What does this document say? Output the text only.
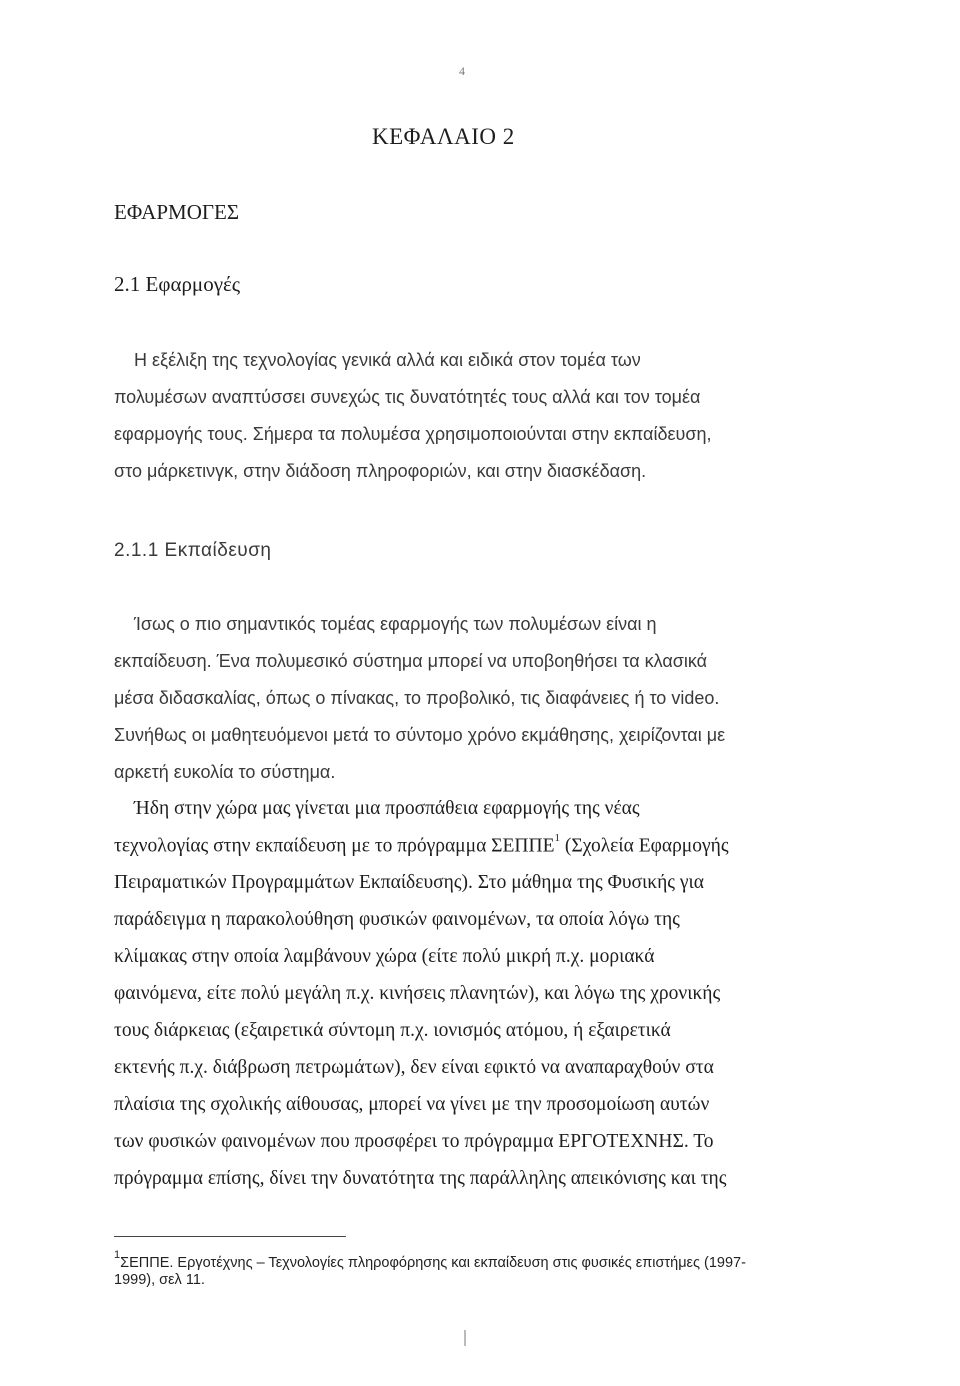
4
ΚΕΦΑΛΑΙΟ 2
ΕΦΑΡΜΟΓΕΣ
2.1 Εφαρμογές
Η εξέλιξη της τεχνολογίας γενικά αλλά και ειδικά στον τομέα των
πολυμέσων αναπτύσσει συνεχώς τις δυνατότητές τους αλλά και τον τομέα
εφαρμογής τους. Σήμερα τα πολυμέσα χρησιμοποιούνται στην εκπαίδευση,
στο μάρκετινγκ, στην διάδοση πληροφοριών, και στην διασκέδαση.
2.1.1 Εκπαίδευση
Ίσως ο πιο σημαντικός τομέας εφαρμογής των πολυμέσων είναι η
εκπαίδευση. Ένα πολυμεσικό σύστημα μπορεί να υποβοηθήσει τα κλασικά
μέσα διδασκαλίας, όπως ο πίνακας, το προβολικό, τις διαφάνειες ή το video.
Συνήθως οι μαθητευόμενοι μετά το σύντομο χρόνο εκμάθησης, χειρίζονται με
αρκετή ευκολία το σύστημα.
Ήδη στην χώρα μας γίνεται μια προσπάθεια εφαρμογής της νέας
τεχνολογίας στην εκπαίδευση με το πρόγραμμα ΣΕΠΠΕ$^1$ (Σχολεία Εφαρμογής
Πειραματικών Προγραμμάτων Εκπαίδευσης). Στο μάθημα της Φυσικής για
παράδειγμα η παρακολούθηση φυσικών φαινομένων, τα οποία λόγω της
κλίμακας στην οποία λαμβάνουν χώρα (είτε πολύ μικρή π.χ. μοριακά
φαινόμενα, είτε πολύ μεγάλη π.χ. κινήσεις πλανητών), και λόγω της χρονικής
τους διάρκειας (εξαιρετικά σύντομη π.χ. ιονισμός ατόμου, ή εξαιρετικά
εκτενής π.χ. διάβρωση πετρωμάτων), δεν είναι εφικτό να αναπαραχθούν στα
πλαίσια της σχολικής αίθουσας, μπορεί να γίνει με την προσομοίωση αυτών
των φυσικών φαινομένων που προσφέρει το πρόγραμμα ΕΡΓΟΤΕΧΝΗΣ. Το
πρόγραμμα επίσης, δίνει την δυνατότητα της παράλληλης απεικόνισης και της
$^1$ΣΕΠΠΕ. Εργοτέχνης – Τεχνολογίες πληροφόρησης και εκπαίδευση στις φυσικές επιστήμες (1997-
1999), σελ 11.
